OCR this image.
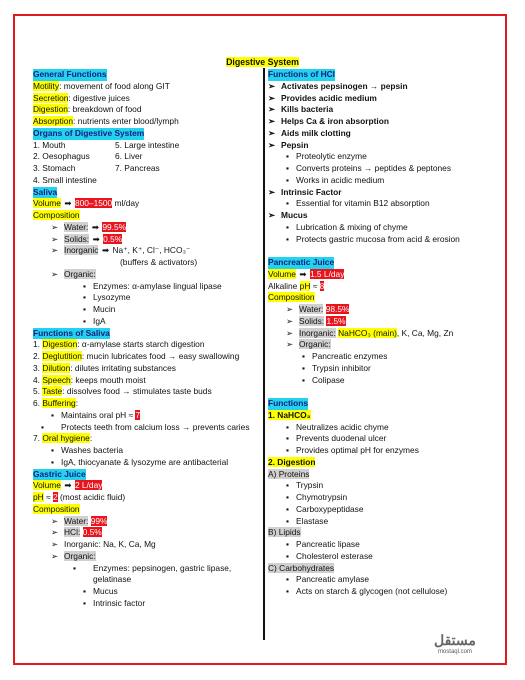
Digestive System
General Functions
Motility: movement of food along GIT
Secretion: digestive juices
Digestion: breakdown of food
Absorption: nutrients enter blood/lymph
Organs of Digestive System
1. Mouth
2. Oesophagus
3. Stomach
4. Small intestine
5. Large intestine
6. Liver
7. Pancreas
Saliva
Volume ➡ 800–1500 ml/day
Composition
➢ Water: ➡ 99.5%
➢ Solids: ➡ 0.5%
➢ Inorganic ➡ Na⁺, K⁺, Cl⁻, HCO₃⁻
(buffers & activators)
➢ Organic:
▪ Enzymes: α-amylase lingual lipase
▪ Lysozyme
▪ Mucin
▪ IgA
Functions of Saliva
1. Digestion: α-amylase starts starch digestion
2. Deglutition: mucin lubricates food → easy swallowing
3. Dilution: dilutes irritating substances
4. Speech: keeps mouth moist
5. Taste: dissolves food → stimulates taste buds
6. Buffering:
▪ Maintains oral pH ≈ 7
▪ Protects teeth from calcium loss → prevents caries
7. Oral hygiene:
▪ Washes bacteria
▪ IgA, thiocyanate & lysozyme are antibacterial
Gastric Juice
Volume ➡ 2 L/day
pH ≈ 2 (most acidic fluid)
Composition
➢ Water: 99%
➢ HCl: 0.5%
➢ Inorganic: Na, K, Ca, Mg
➢ Organic:
▪ Enzymes: pepsinogen, gastric lipase, gelatinase
▪ Mucus
▪ Intrinsic factor
Functions of HCl
➢ Activates pepsinogen → pepsin
➢ Provides acidic medium
➢ Kills bacteria
➢ Helps Ca & iron absorption
➢ Aids milk clotting
➢ Pepsin
▪ Proteolytic enzyme
▪ Converts proteins → peptides & peptones
▪ Works in acidic medium
➢ Intrinsic Factor
▪ Essential for vitamin B12 absorption
➢ Mucus
▪ Lubrication & mixing of chyme
▪ Protects gastric mucosa from acid & erosion

Pancreatic Juice
Volume ➡ 1.5 L/day
Alkaline pH ≈ 8
Composition
➢ Water: 98.5%
➢ Solids: 1.5%
➢ Inorganic: NaHCO₃ (main), K, Ca, Mg, Zn
➢ Organic:
▪ Pancreatic enzymes
▪ Trypsin inhibitor
▪ Colipase

Functions
1. NaHCO₃
▪ Neutralizes acidic chyme
▪ Prevents duodenal ulcer
▪ Provides optimal pH for enzymes
2. Digestion
A) Proteins
▪ Trypsin
▪ Chymotrypsin
▪ Carboxypeptidase
▪ Elastase
B) Lipids
▪ Pancreatic lipase
▪ Cholesterol esterase
C) Carbohydrates
▪ Pancreatic amylase
▪ Acts on starch & glycogen (not cellulose)
مستقل
mostaql.com
